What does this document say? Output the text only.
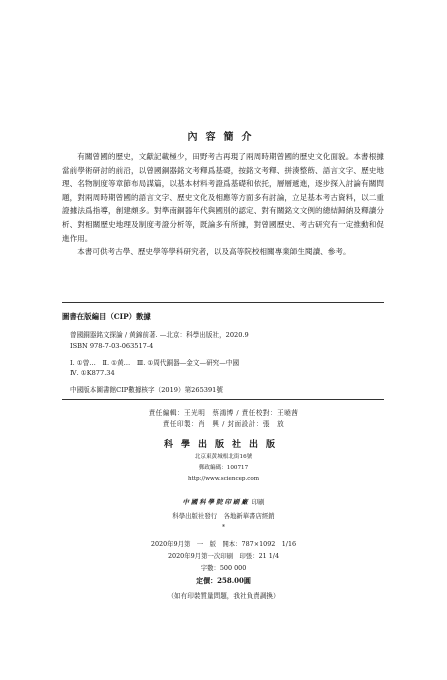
內容簡介

有關曾國的歷史，文獻記載極少，田野考古再現了兩周時期曾國的歷史文化面貌。本書根據當前學術研討的前沿，以曾國銅器銘文考釋爲基礎，按銘文考釋、拼湊整飭、語言文字、歷史地理、名物制度等章節布局謀篇，以基本材料考證爲基礎和依托，層層遞進，逐步探入討論有關問題，對兩周時期曾國的語言文字、歷史文化及相應等方面多有討論，立足基本考古資料，以二重證據法爲指導，創建頗多。對準南銅器年代與國別的認定、對有關銘文文例的總結歸納及釋讀分析、對相關歷史地理及制度考證分析等，既論多有所據，對曾國歷史、考古研究有一定推動和促進作用。

本書可供考古學、歷史學等學科研究者，以及高等院校相關專業師生閱讀、參考。

圖書在版編目（CIP）數據
曾國銅器銘文探論 / 黄錦前著. —北京：科學出版社，2020.9
ISBN 978-7-03-063517-4
Ⅰ. ①曾…　Ⅱ. ①黄…　Ⅲ. ①周代銅器—金文—研究—中國
Ⅳ. ①K877.34
中國版本圖書館CIP數據核字（2019）第265391號
責任編輯：王光明　蔡鴻博 / 責任校對：王曉茜
責任印製：肖　興 / 封面設計：張　放
科學出版社出版
北京東黃城根北街16號
郵政編碼：100717
http://www.sciencep.com
中國科學院印刷廠 印刷
科學出版社發行　各地新華書店經銷
*
2020年9月第　一　版　開本：787×1092　1/16
2020年9月第一次印刷　印張：21 1/4
字數：500 000
定價：258.00圓
（如有印裝質量問題，我社負責調換）
